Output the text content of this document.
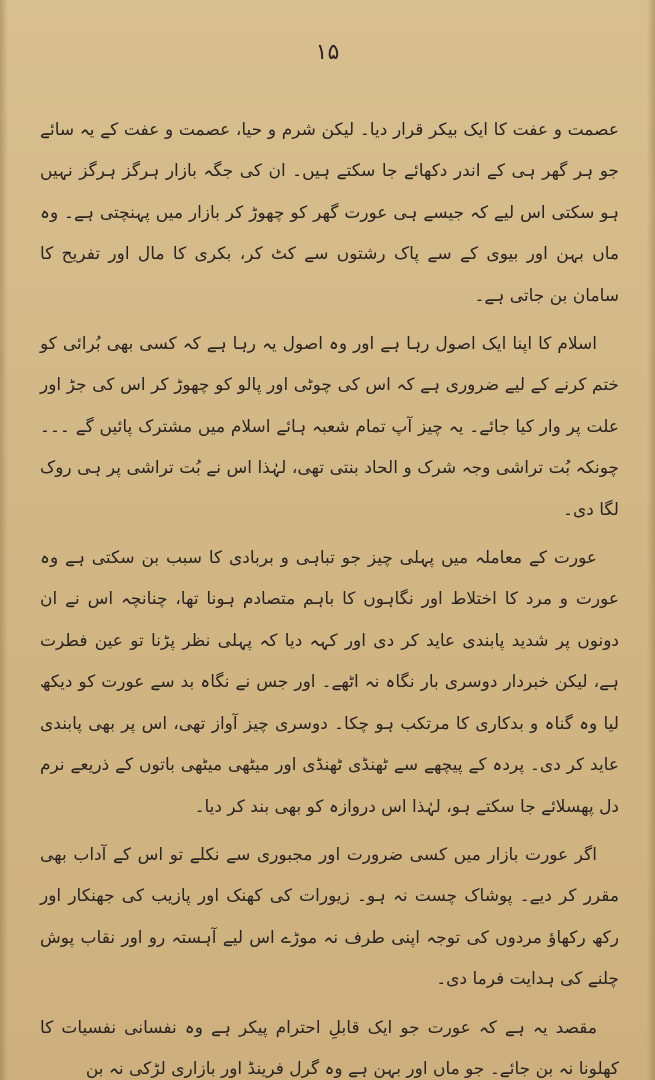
۱۵

عصمت و عفت کا ایک بیکر قرار دیا۔ لیکن شرم و حیا، عصمت و عفت کے یہ سائے جو ہر گھر ہی کے اندر دکھائے جا سکتے ہیں۔ ان کی جگہ بازار ہرگز ہرگز نہیں ہو سکتی اس لیے کہ جیسے ہی عورت گھر کو چھوڑ کر بازار میں پہنچتی ہے۔ وہ ماں بہن اور بیوی کے سے پاک رشتوں سے کٹ کر، بکری کا مال اور تفریح کا سامان بن جاتی ہے۔

اسلام کا اپنا ایک اصول رہا ہے اور وہ اصول یہ رہا ہے کہ کسی بھی بُرائی کو ختم کرنے کے لیے ضروری ہے کہ اس کی چوٹی اور پالو کو چھوڑ کر اس کی جڑ اور علت پر وار کیا جائے۔ یہ چیز آپ تمام شعبہ ہائے اسلام میں مشترک پائیں گے ۔۔۔ چونکہ بُت تراشی وجہ شرک و الحاد بنتی تھی، لہٰذا اس نے بُت تراشی پر ہی روک لگا دی۔

عورت کے معاملہ میں پہلی چیز جو تباہی و بربادی کا سبب بن سکتی ہے وہ عورت و مرد کا اختلاط اور نگاہوں کا باہم متصادم ہونا تھا، چنانچہ اس نے ان دونوں پر شدید پابندی عاید کر دی اور کہہ دیا کہ پہلی نظر پڑنا تو عین فطرت ہے، لیکن خبردار دوسری بار نگاہ نہ اٹھے۔ اور جس نے نگاہ بد سے عورت کو دیکھ لیا وہ گناہ و بدکاری کا مرتکب ہو چکا۔ دوسری چیز آواز تھی، اس پر بھی پابندی عاید کر دی۔ پردہ کے پیچھے سے ٹھنڈی ٹھنڈی اور میٹھی میٹھی باتوں کے ذریعے نرم دل پھسلائے جا سکتے ہو، لہٰذا اس دروازہ کو بھی بند کر دیا۔

اگر عورت بازار میں کسی ضرورت اور مجبوری سے نکلے تو اس کے آداب بھی مقرر کر دیے۔ پوشاک چست نہ ہو۔ زیورات کی کھنک اور پازیب کی جھنکار اور رکھ رکھاؤ مردوں کی توجہ اپنی طرف نہ موڑے اس لیے آہستہ رو اور نقاب پوش چلنے کی ہدایت فرما دی۔

مقصد یہ ہے کہ عورت جو ایک قابلِ احترام پیکر ہے وہ نفسانی نفسیات کا کھلونا نہ بن جائے۔ جو ماں اور بہن ہے وہ گرل فرینڈ اور بازاری لڑکی نہ بن
